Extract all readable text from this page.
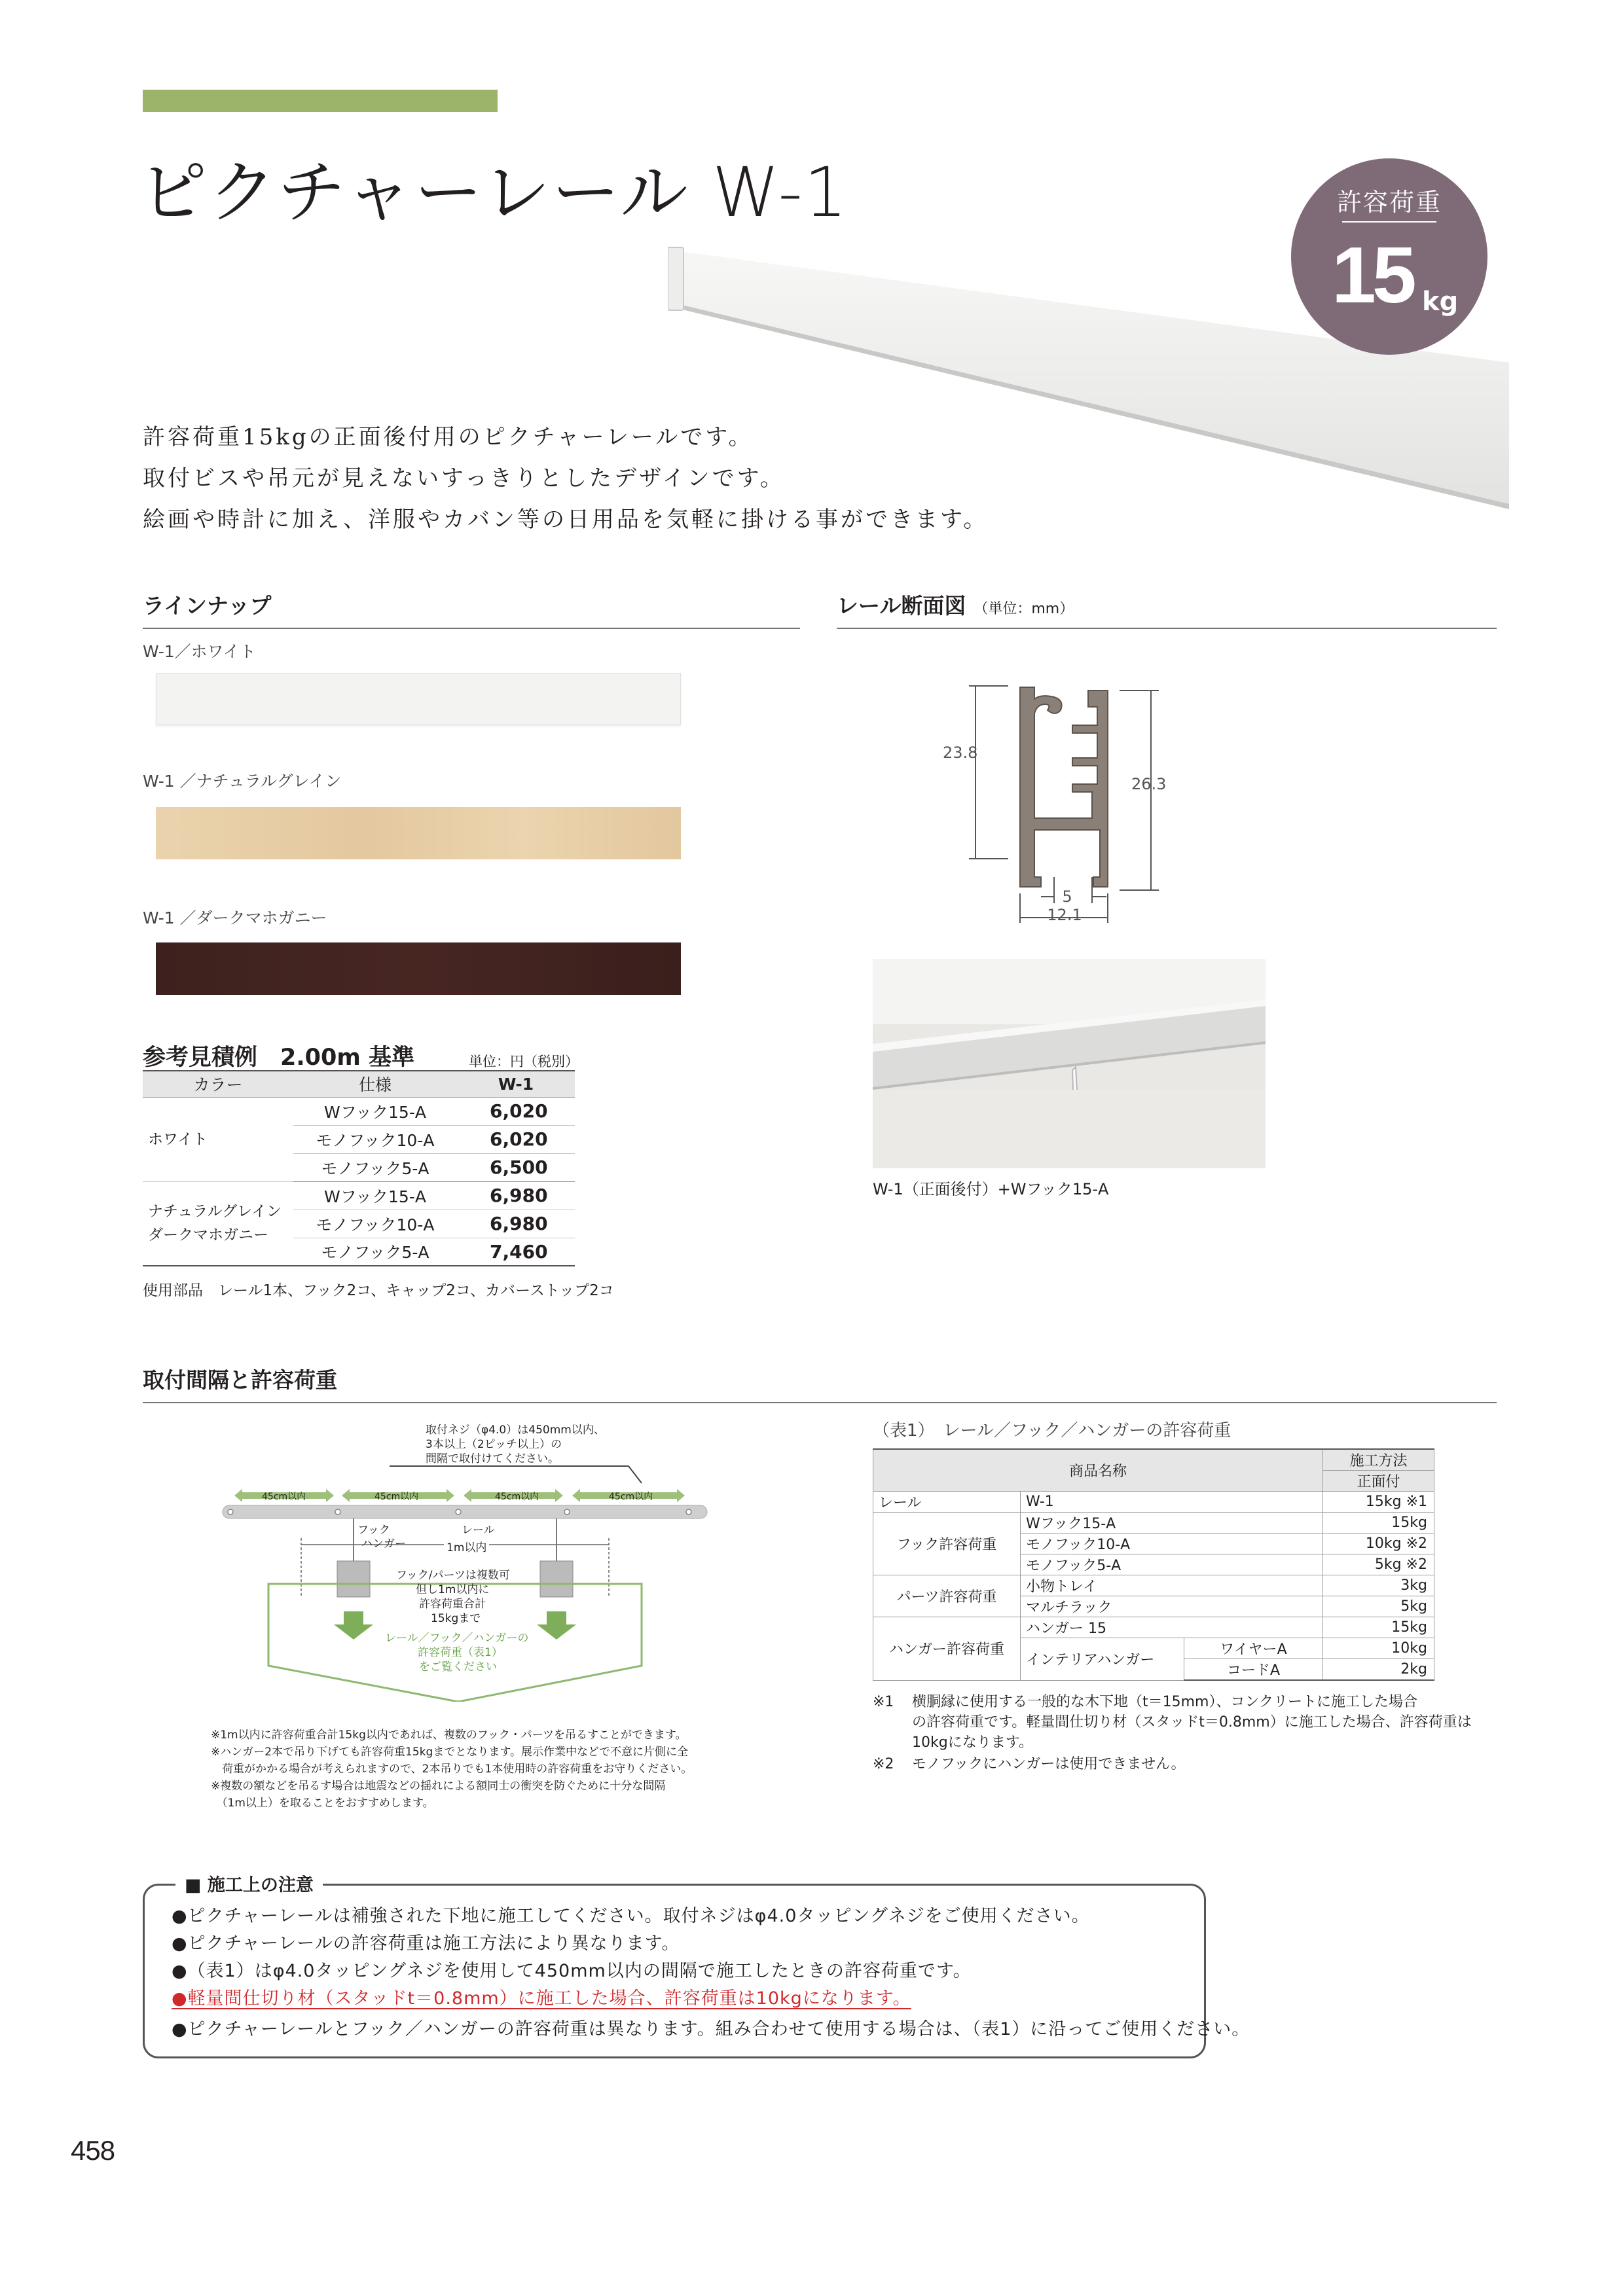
ピクチャーレール W-1	許容荷重
15 kg
許容荷重15kgの正面後付用のピクチャーレールです。
取付ビスや吊元が見えないすっきりとしたデザインです。
絵画や時計に加え、洋服やカバン等の日用品を気軽に掛ける事ができます。
ラインナップ
W-1／ホワイト
W-1 ／ナチュラルグレイン
W-1 ／ダークマホガニー
参考見積例　2.00m 基準	単位：円（税別）
カラー	仕様	W-1
ホワイト	Wフック15-A	6,020
	モノフック10-A	6,020
	モノフック5-A	6,500

ナチュラルグレイン
ダークマホガニー	Wフック15-A	6,980
	モノフック10-A	6,980
	モノフック5-A	7,460
使用部品　レール1本、フック2コ、キャップ2コ、カバーストップ2コ
レール断面図 （単位：mm）
23.8
26.3
5
12.1
W-1（正面後付）+Wフック15-A
取付間隔と許容荷重
取付ネジ（φ4.0）は450mm以内、
3本以上（2ピッチ以上）の
間隔で取付けてください。
45cm以内	45cm以内	45cm以内	45cm以内
フック	レール
ハンガー	1m以内
フック/パーツは複数可
但し1m以内に
許容荷重合計
15kgまで
レール／フック／ハンガーの
許容荷重（表1）
をご覧ください
※1m以内に許容荷重合計15kg以内であれば、複数のフック・パーツを吊るすことができます。
※ハンガー2本で吊り下げても許容荷重15kgまでとなります。展示作業中などで不意に片側に全
　荷重がかかる場合が考えられますので、2本吊りでも1本使用時の許容荷重をお守りください。
※複数の額などを吊るす場合は地震などの揺れによる額同士の衝突を防ぐために十分な間隔
　（1m以上）を取ることをおすすめします。
（表1）　レール／フック／ハンガーの許容荷重
商品名称			施工方法
			正面付
レール	W-1		15kg ※1
フック許容荷重	Wフック15-A		15kg
	モノフック10-A		10kg ※2
	モノフック5-A		5kg ※2
パーツ許容荷重	小物トレイ		3kg
	マルチラック		5kg
ハンガー許容荷重	ハンガー 15		15kg
	インテリアハンガー	ワイヤーA	10kg
		コードA	2kg
※1 横胴縁に使用する一般的な木下地（t＝15mm）、コンクリートに施工した場合
の許容荷重です。軽量間仕切り材（スタッドt＝0.8mm）に施工した場合、許容荷重は
10kgになります。
※2 モノフックにハンガーは使用できません。
■ 施工上の注意
●ピクチャーレールは補強された下地に施工してください。取付ネジはφ4.0タッピングネジをご使用ください。
●ピクチャーレールの許容荷重は施工方法により異なります。
●（表1）はφ4.0タッピングネジを使用して450mm以内の間隔で施工したときの許容荷重です。
●軽量間仕切り材（スタッドt＝0.8mm）に施工した場合、許容荷重は10kgになります。
●ピクチャーレールとフック／ハンガーの許容荷重は異なります。組み合わせて使用する場合は、（表1）に沿ってご使用ください。
458
